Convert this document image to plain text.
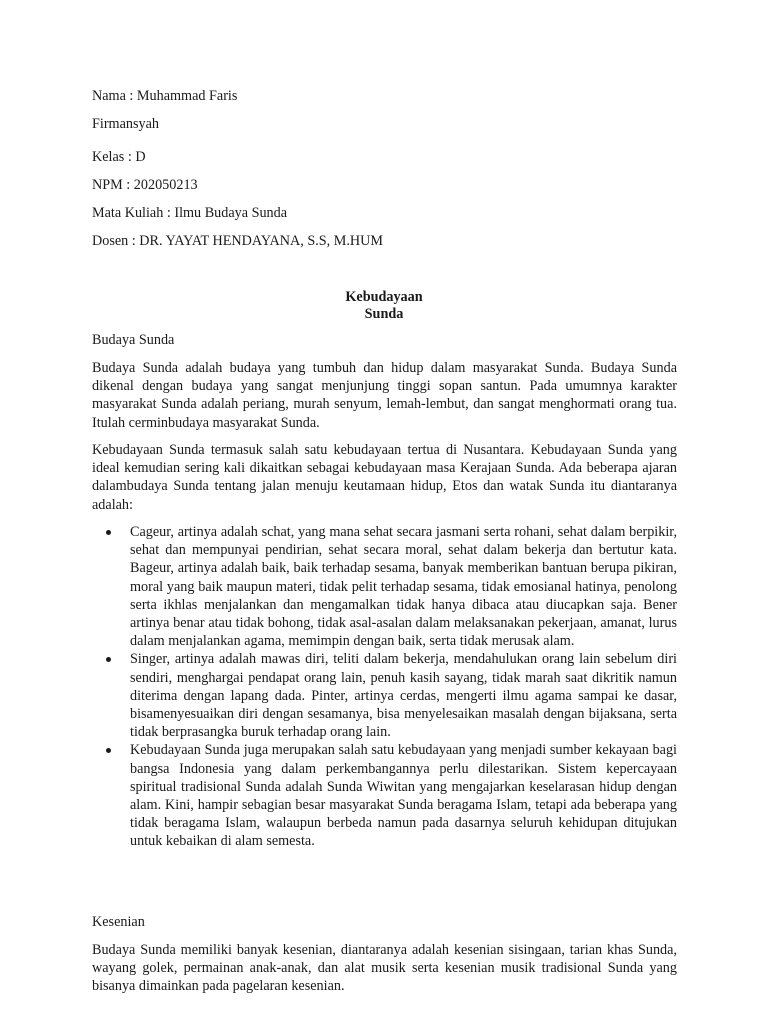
Nama : Muhammad Faris
Firmansyah
Kelas : D
NPM : 202050213
Mata Kuliah : Ilmu Budaya Sunda
Dosen : DR. YAYAT HENDAYANA, S.S, M.HUM
Kebudayaan
Sunda
Budaya Sunda

Budaya Sunda adalah budaya yang tumbuh dan hidup dalam masyarakat Sunda. Budaya Sunda dikenal dengan budaya yang sangat menjunjung tinggi sopan santun. Pada umumnya karakter masyarakat Sunda adalah periang, murah senyum, lemah-lembut, dan sangat menghormati orang tua. Itulah cerminbudaya masyarakat Sunda.

Kebudayaan Sunda termasuk salah satu kebudayaan tertua di Nusantara. Kebudayaan Sunda yang ideal kemudian sering kali dikaitkan sebagai kebudayaan masa Kerajaan Sunda. Ada beberapa ajaran dalambudaya Sunda tentang jalan menuju keutamaan hidup, Etos dan watak Sunda itu diantaranya adalah:

Cageur, artinya adalah schat, yang mana sehat secara jasmani serta rohani, sehat dalam berpikir, sehat dan mempunyai pendirian, sehat secara moral, sehat dalam bekerja dan bertutur kata. Bageur, artinya adalah baik, baik terhadap sesama, banyak memberikan bantuan berupa pikiran, moral yang baik maupun materi, tidak pelit terhadap sesama, tidak emosianal hatinya, penolong serta ikhlas menjalankan dan mengamalkan tidak hanya dibaca atau diucapkan saja. Bener artinya benar atau tidak bohong, tidak asal-asalan dalam melaksanakan pekerjaan, amanat, lurus dalam menjalankan agama, memimpin dengan baik, serta tidak merusak alam.
Singer, artinya adalah mawas diri, teliti dalam bekerja, mendahulukan orang lain sebelum diri sendiri, menghargai pendapat orang lain, penuh kasih sayang, tidak marah saat dikritik namun diterima dengan lapang dada. Pinter, artinya cerdas, mengerti ilmu agama sampai ke dasar, bisamenyesuaikan diri dengan sesamanya, bisa menyelesaikan masalah dengan bijaksana, serta tidak berprasangka buruk terhadap orang lain.
Kebudayaan Sunda juga merupakan salah satu kebudayaan yang menjadi sumber kekayaan bagi bangsa Indonesia yang dalam perkembangannya perlu dilestarikan. Sistem kepercayaan spiritual tradisional Sunda adalah Sunda Wiwitan yang mengajarkan keselarasan hidup dengan alam. Kini, hampir sebagian besar masyarakat Sunda beragama Islam, tetapi ada beberapa yang tidak beragama Islam, walaupun berbeda namun pada dasarnya seluruh kehidupan ditujukan untuk kebaikan di alam semesta.
Kesenian

Budaya Sunda memiliki banyak kesenian, diantaranya adalah kesenian sisingaan, tarian khas Sunda, wayang golek, permainan anak-anak, dan alat musik serta kesenian musik tradisional Sunda yang bisanya dimainkan pada pagelaran kesenian.
